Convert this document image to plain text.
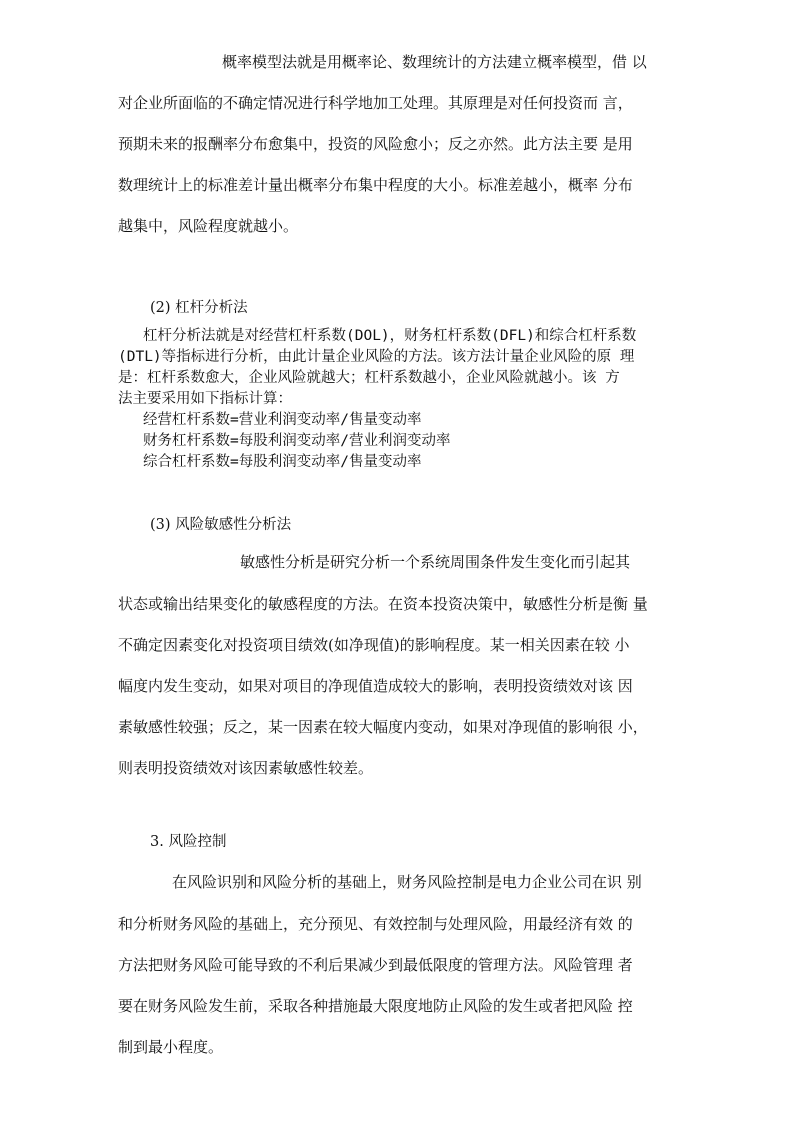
概率模型法就是用概率论、数理统计的方法建立概率模型，借 以
对企业所面临的不确定情况进行科学地加工处理。其原理是对任何投资而 言，
预期未来的报酬率分布愈集中，投资的风险愈小；反之亦然。此方法主要 是用
数理统计上的标准差计量出概率分布集中程度的大小。标准差越小，概率 分布
越集中，风险程度就越小。
(2) 杠杆分析法
杠杆分析法就是对经营杠杆系数(DOL)，财务杠杆系数(DFL)和综合杠杆系数
(DTL)等指标进行分析，由此计量企业风险的方法。该方法计量企业风险的原 理
是：杠杆系数愈大，企业风险就越大；杠杆系数越小，企业风险就越小。该 方
法主要采用如下指标计算：
经营杠杆系数=营业利润变动率/售量变动率
财务杠杆系数=每股利润变动率/营业利润变动率
综合杠杆系数=每股利润变动率/售量变动率
(3) 风险敏感性分析法
敏感性分析是研究分析一个系统周围条件发生变化而引起其
状态或输出结果变化的敏感程度的方法。在资本投资决策中，敏感性分析是衡 量
不确定因素变化对投资项目绩效(如净现值)的影响程度。某一相关因素在较 小
幅度内发生变动，如果对项目的净现值造成较大的影响，表明投资绩效对该 因
素敏感性较强；反之，某一因素在较大幅度内变动，如果对净现值的影响很 小，
则表明投资绩效对该因素敏感性较差。
3. 风险控制
在风险识别和风险分析的基础上，财务风险控制是电力企业公司在识 别
和分析财务风险的基础上，充分预见、有效控制与处理风险，用最经济有效 的
方法把财务风险可能导致的不利后果减少到最低限度的管理方法。风险管理 者
要在财务风险发生前，采取各种措施最大限度地防止风险的发生或者把风险 控
制到最小程度。
